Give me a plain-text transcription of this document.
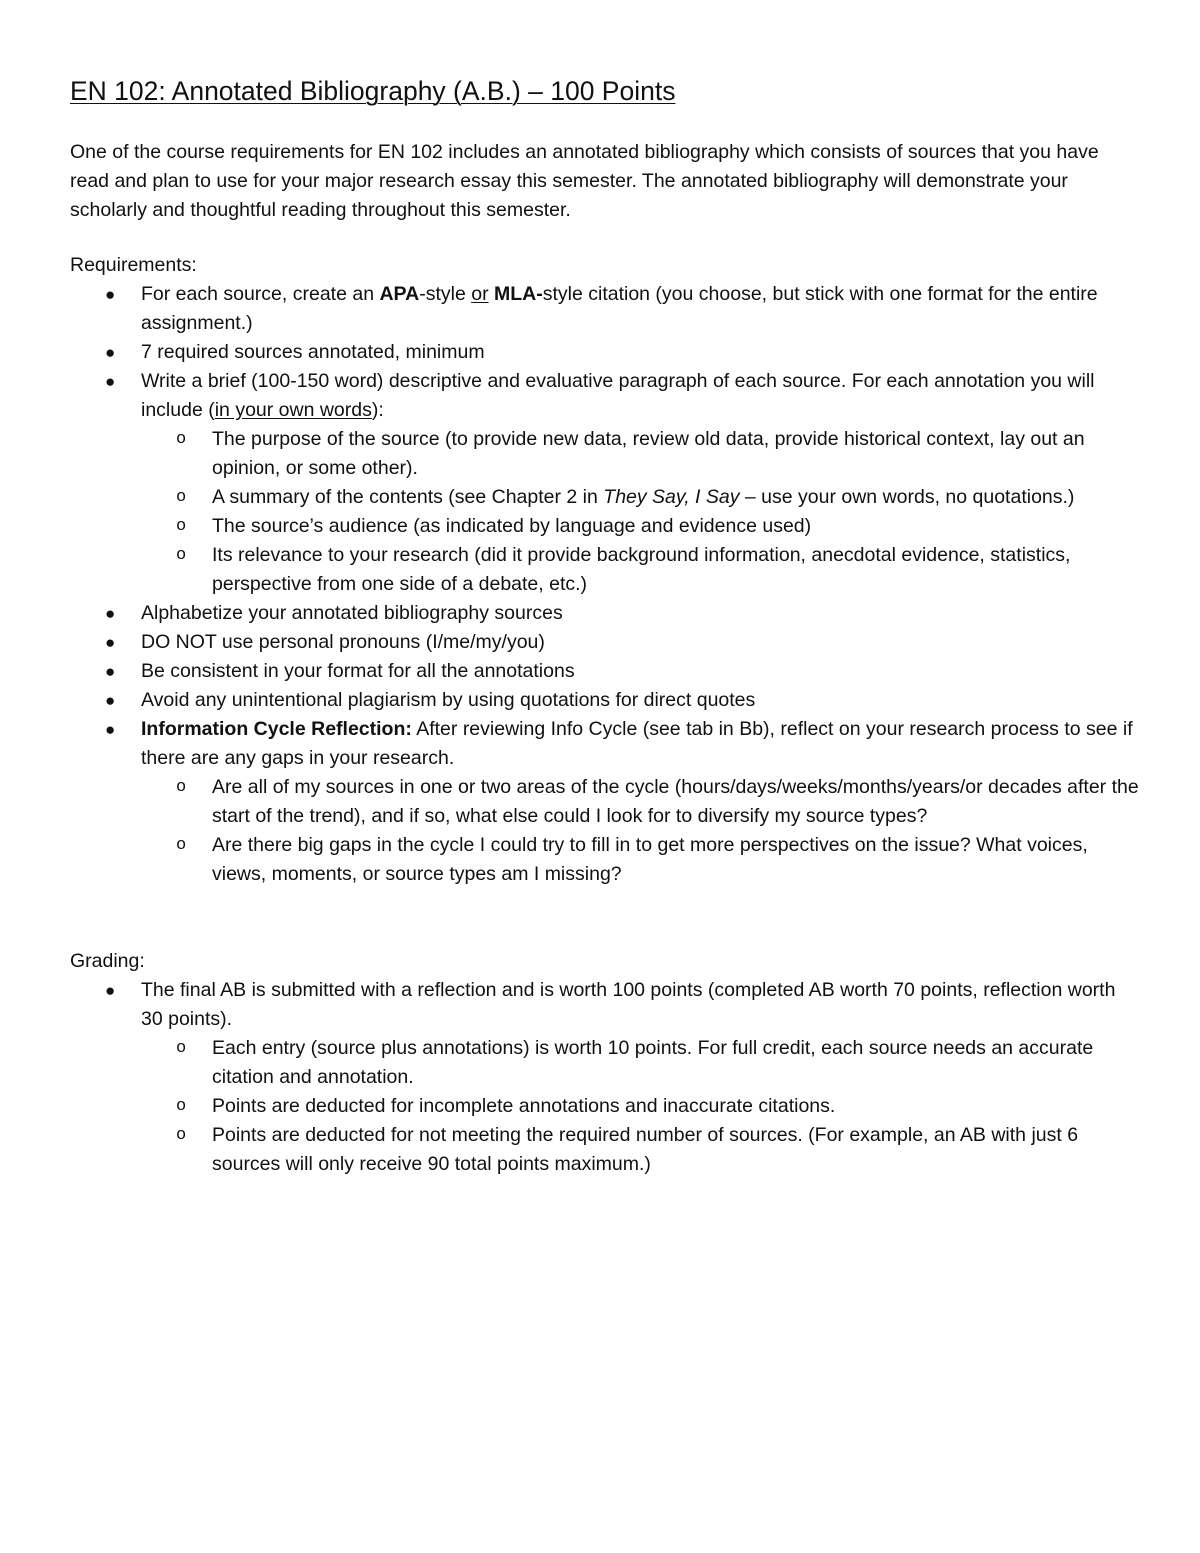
EN 102: Annotated Bibliography (A.B.) – 100 Points

One of the course requirements for EN 102 includes an annotated bibliography which consists of sources that you have read and plan to use for your major research essay this semester. The annotated bibliography will demonstrate your scholarly and thoughtful reading throughout this semester.

Requirements:

● For each source, create an APA-style or MLA-style citation (you choose, but stick with one format for the entire assignment.)
● 7 required sources annotated, minimum
● Write a brief (100-150 word) descriptive and evaluative paragraph of each source. For each annotation you will include (in your own words):
o The purpose of the source (to provide new data, review old data, provide historical context, lay out an opinion, or some other).
o A summary of the contents (see Chapter 2 in They Say, I Say – use your own words, no quotations.)
o The source’s audience (as indicated by language and evidence used)
o Its relevance to your research (did it provide background information, anecdotal evidence, statistics, perspective from one side of a debate, etc.)
● Alphabetize your annotated bibliography sources
● DO NOT use personal pronouns (I/me/my/you)
● Be consistent in your format for all the annotations
● Avoid any unintentional plagiarism by using quotations for direct quotes
● Information Cycle Reflection: After reviewing Info Cycle (see tab in Bb), reflect on your research process to see if there are any gaps in your research.
o Are all of my sources in one or two areas of the cycle (hours/days/weeks/months/years/or decades after the start of the trend), and if so, what else could I look for to diversify my source types?
o Are there big gaps in the cycle I could try to fill in to get more perspectives on the issue? What voices, views, moments, or source types am I missing?

Grading:

● The final AB is submitted with a reflection and is worth 100 points (completed AB worth 70 points, reflection worth 30 points).
o Each entry (source plus annotations) is worth 10 points. For full credit, each source needs an accurate citation and annotation.
o Points are deducted for incomplete annotations and inaccurate citations.
o Points are deducted for not meeting the required number of sources. (For example, an AB with just 6 sources will only receive 90 total points maximum.)
